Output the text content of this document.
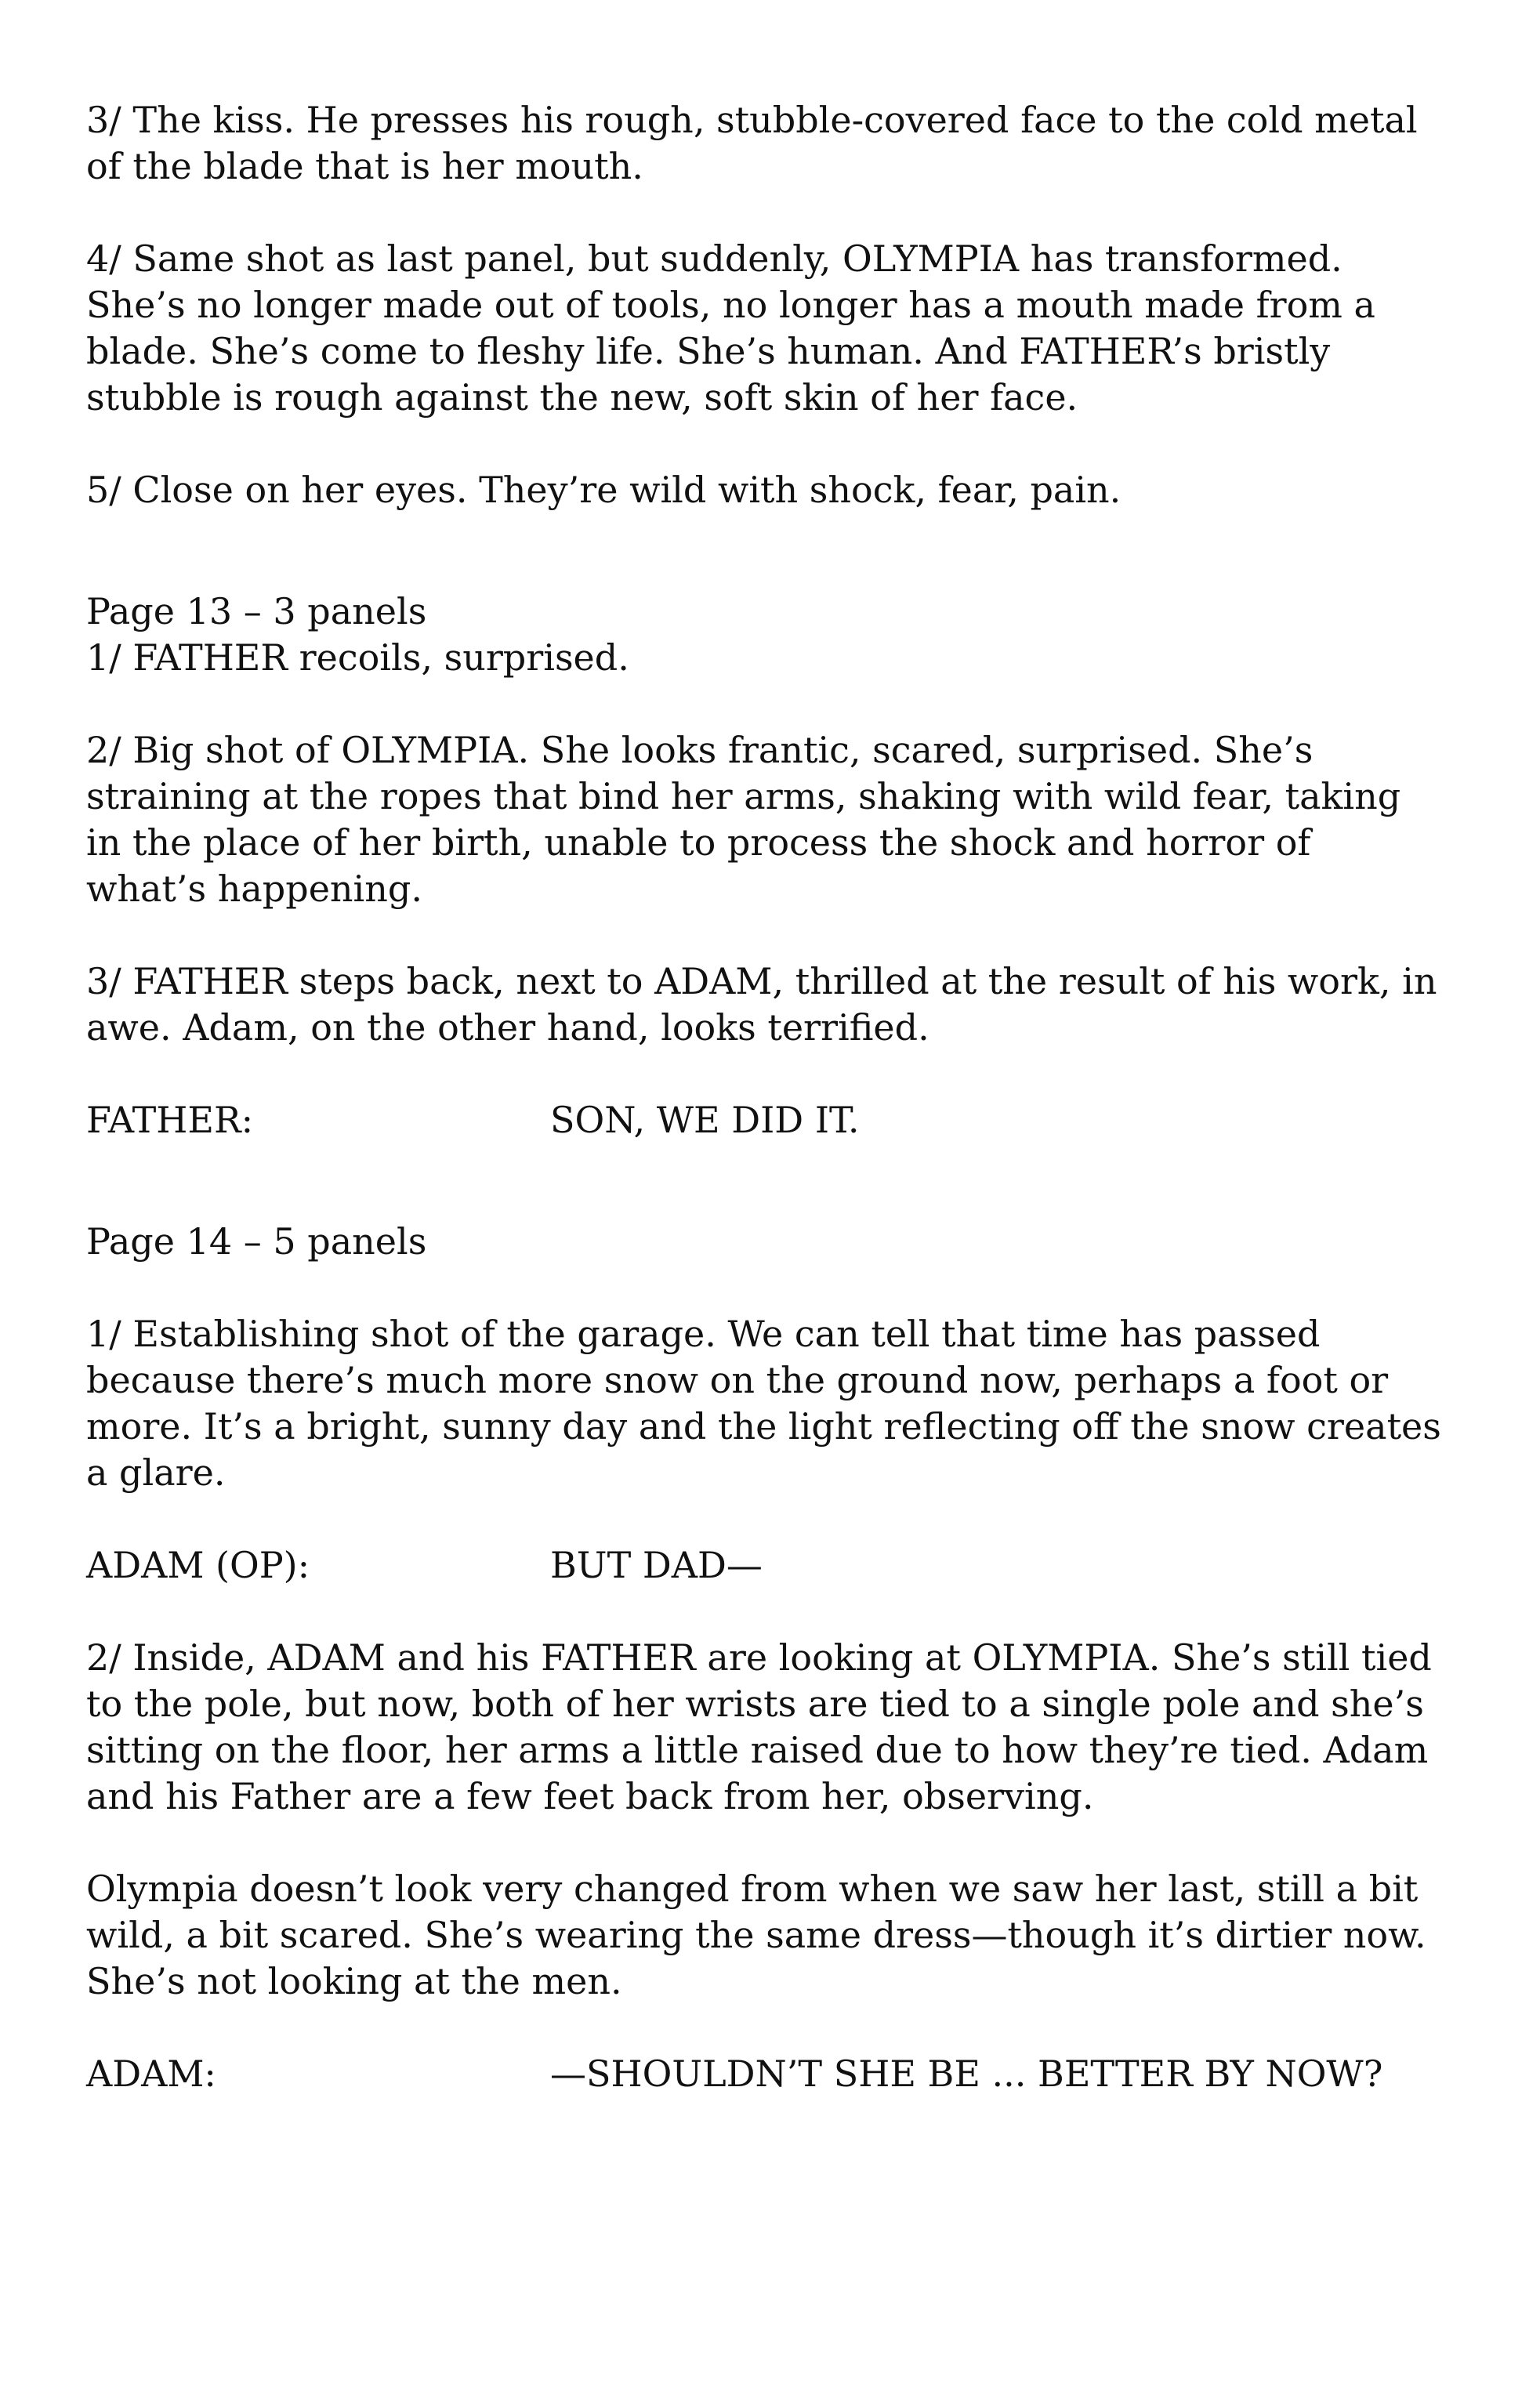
3/ The kiss. He presses his rough, stubble-covered face to the cold metal of the blade that is her mouth.

4/ Same shot as last panel, but suddenly, OLYMPIA has transformed. She’s no longer made out of tools, no longer has a mouth made from a blade. She’s come to fleshy life. She’s human. And FATHER’s bristly stubble is rough against the new, soft skin of her face.

5/ Close on her eyes. They’re wild with shock, fear, pain.

Page 13 – 3 panels

1/ FATHER recoils, surprised.

2/ Big shot of OLYMPIA. She looks frantic, scared, surprised. She’s straining at the ropes that bind her arms, shaking with wild fear, taking in the place of her birth, unable to process the shock and horror of what’s happening.

3/ FATHER steps back, next to ADAM, thrilled at the result of his work, in awe. Adam, on the other hand, looks terrified.

FATHER:	SON, WE DID IT.

Page 14 – 5 panels

1/ Establishing shot of the garage. We can tell that time has passed because there’s much more snow on the ground now, perhaps a foot or more. It’s a bright, sunny day and the light reflecting off the snow creates a glare.

ADAM (OP):	BUT DAD—

2/ Inside, ADAM and his FATHER are looking at OLYMPIA. She’s still tied to the pole, but now, both of her wrists are tied to a single pole and she’s sitting on the floor, her arms a little raised due to how they’re tied. Adam and his Father are a few feet back from her, observing.

Olympia doesn’t look very changed from when we saw her last, still a bit wild, a bit scared. She’s wearing the same dress—though it’s dirtier now. She’s not looking at the men.

ADAM:	—SHOULDN’T SHE BE ... BETTER BY NOW?
